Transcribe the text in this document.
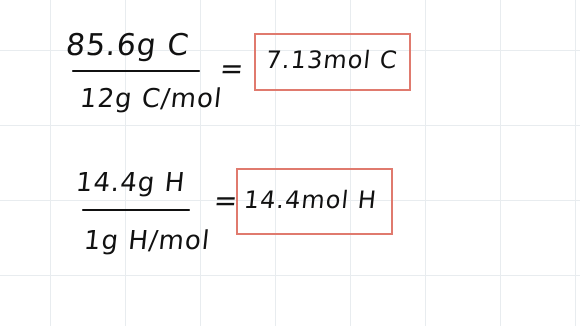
85.6g C
12g C/mol
= 7.13mol C
14.4g H
1g H/mol
= 14.4mol H
